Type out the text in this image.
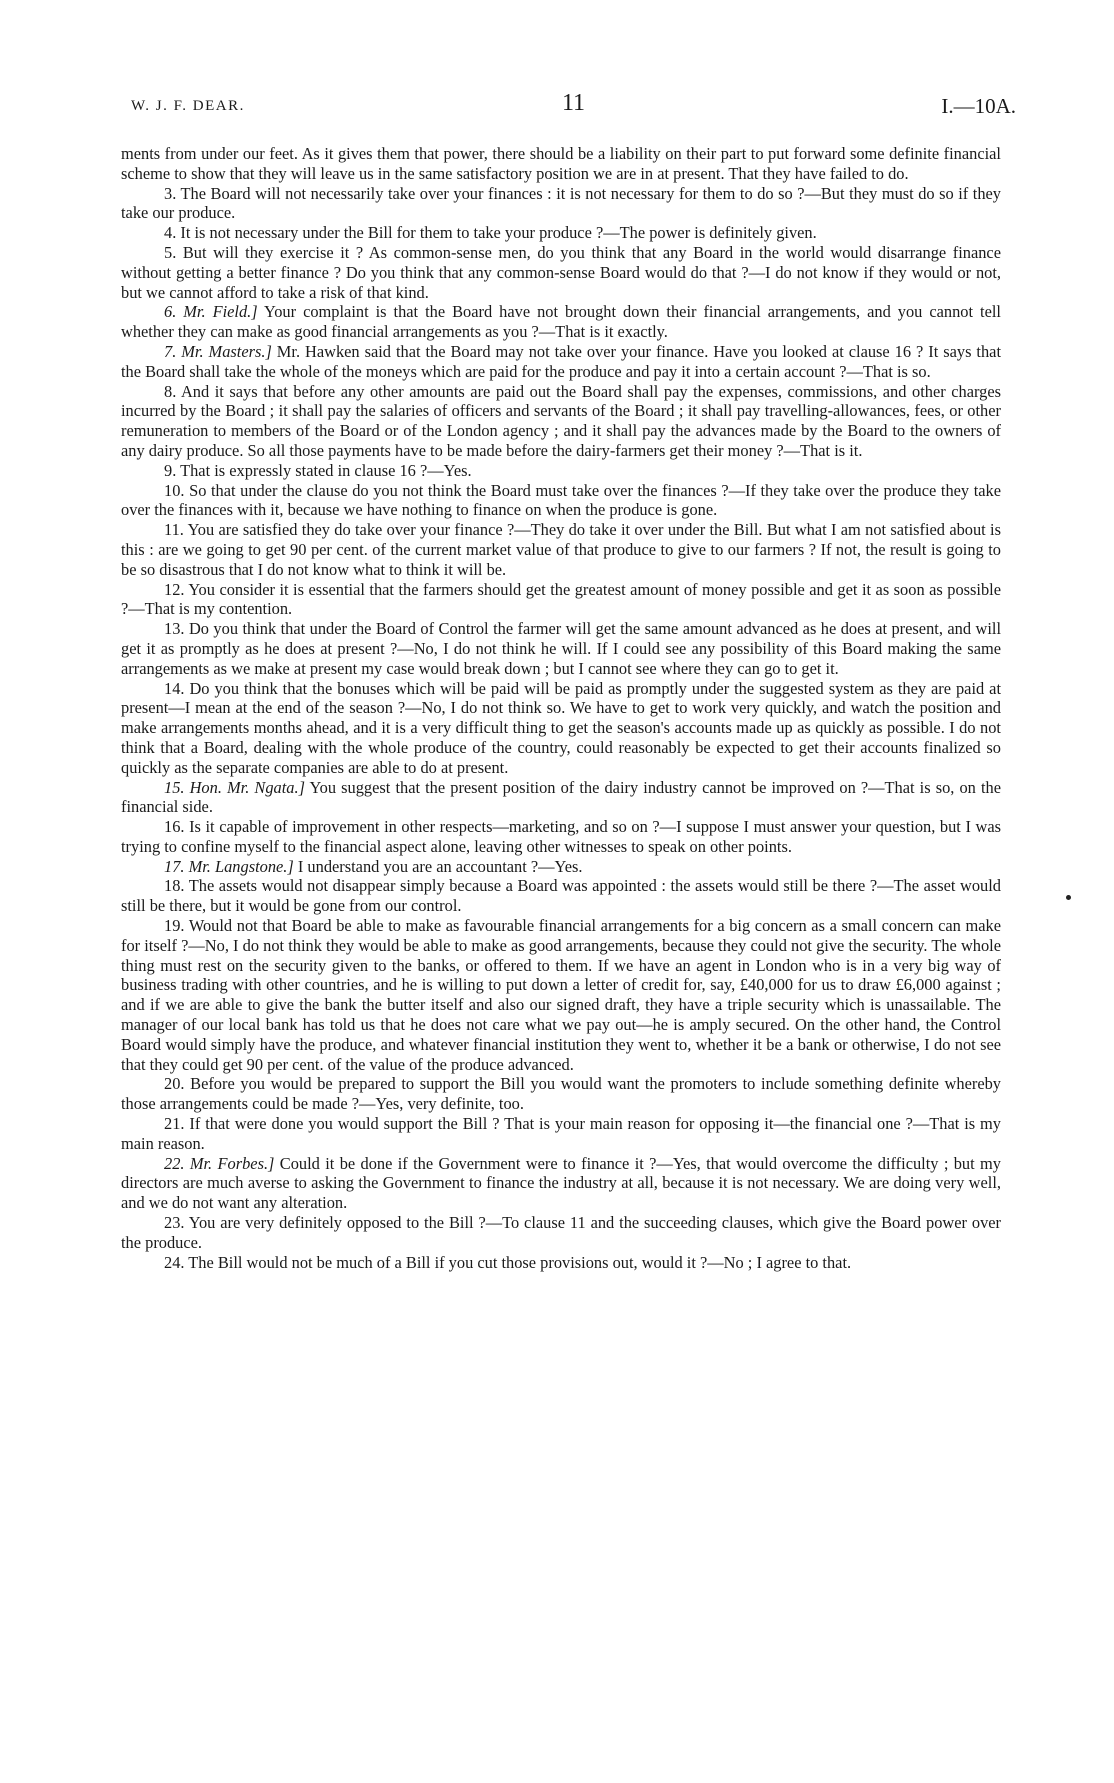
W. J. F. DEAR.	11	I.—10A.

ments from under our feet. As it gives them that power, there should be a liability on their part to put forward some definite financial scheme to show that they will leave us in the same satisfactory position we are in at present. That they have failed to do.

3. The Board will not necessarily take over your finances : it is not necessary for them to do so ?—But they must do so if they take our produce.

4. It is not necessary under the Bill for them to take your produce ?—The power is definitely given.

5. But will they exercise it ? As common-sense men, do you think that any Board in the world would disarrange finance without getting a better finance ? Do you think that any common-sense Board would do that ?—I do not know if they would or not, but we cannot afford to take a risk of that kind.

6. Mr. Field.] Your complaint is that the Board have not brought down their financial arrangements, and you cannot tell whether they can make as good financial arrangements as you ?—That is it exactly.

7. Mr. Masters.] Mr. Hawken said that the Board may not take over your finance. Have you looked at clause 16 ? It says that the Board shall take the whole of the moneys which are paid for the produce and pay it into a certain account ?—That is so.

8. And it says that before any other amounts are paid out the Board shall pay the expenses, commissions, and other charges incurred by the Board ; it shall pay the salaries of officers and servants of the Board ; it shall pay travelling-allowances, fees, or other remuneration to members of the Board or of the London agency ; and it shall pay the advances made by the Board to the owners of any dairy produce. So all those payments have to be made before the dairy-farmers get their money ?—That is it.

9. That is expressly stated in clause 16 ?—Yes.

10. So that under the clause do you not think the Board must take over the finances ?—If they take over the produce they take over the finances with it, because we have nothing to finance on when the produce is gone.

11. You are satisfied they do take over your finance ?—They do take it over under the Bill. But what I am not satisfied about is this : are we going to get 90 per cent. of the current market value of that produce to give to our farmers ? If not, the result is going to be so disastrous that I do not know what to think it will be.

12. You consider it is essential that the farmers should get the greatest amount of money possible and get it as soon as possible ?—That is my contention.

13. Do you think that under the Board of Control the farmer will get the same amount advanced as he does at present, and will get it as promptly as he does at present ?—No, I do not think he will. If I could see any possibility of this Board making the same arrangements as we make at present my case would break down ; but I cannot see where they can go to get it.

14. Do you think that the bonuses which will be paid will be paid as promptly under the suggested system as they are paid at present—I mean at the end of the season ?—No, I do not think so. We have to get to work very quickly, and watch the position and make arrangements months ahead, and it is a very difficult thing to get the season's accounts made up as quickly as possible. I do not think that a Board, dealing with the whole produce of the country, could reasonably be expected to get their accounts finalized so quickly as the separate companies are able to do at present.

15. Hon. Mr. Ngata.] You suggest that the present position of the dairy industry cannot be improved on ?—That is so, on the financial side.

16. Is it capable of improvement in other respects—marketing, and so on ?—I suppose I must answer your question, but I was trying to confine myself to the financial aspect alone, leaving other witnesses to speak on other points.

17. Mr. Langstone.] I understand you are an accountant ?—Yes.

18. The assets would not disappear simply because a Board was appointed : the assets would still be there ?—The asset would still be there, but it would be gone from our control.

19. Would not that Board be able to make as favourable financial arrangements for a big concern as a small concern can make for itself ?—No, I do not think they would be able to make as good arrangements, because they could not give the security. The whole thing must rest on the security given to the banks, or offered to them. If we have an agent in London who is in a very big way of business trading with other countries, and he is willing to put down a letter of credit for, say, £40,000 for us to draw £6,000 against ; and if we are able to give the bank the butter itself and also our signed draft, they have a triple security which is unassailable. The manager of our local bank has told us that he does not care what we pay out—he is amply secured. On the other hand, the Control Board would simply have the produce, and whatever financial institution they went to, whether it be a bank or otherwise, I do not see that they could get 90 per cent. of the value of the produce advanced.

20. Before you would be prepared to support the Bill you would want the promoters to include something definite whereby those arrangements could be made ?—Yes, very definite, too.

21. If that were done you would support the Bill ? That is your main reason for opposing it—the financial one ?—That is my main reason.

22. Mr. Forbes.] Could it be done if the Government were to finance it ?—Yes, that would overcome the difficulty ; but my directors are much averse to asking the Government to finance the industry at all, because it is not necessary. We are doing very well, and we do not want any alteration.

23. You are very definitely opposed to the Bill ?—To clause 11 and the succeeding clauses, which give the Board power over the produce.

24. The Bill would not be much of a Bill if you cut those provisions out, would it ?—No ; I agree to that.
